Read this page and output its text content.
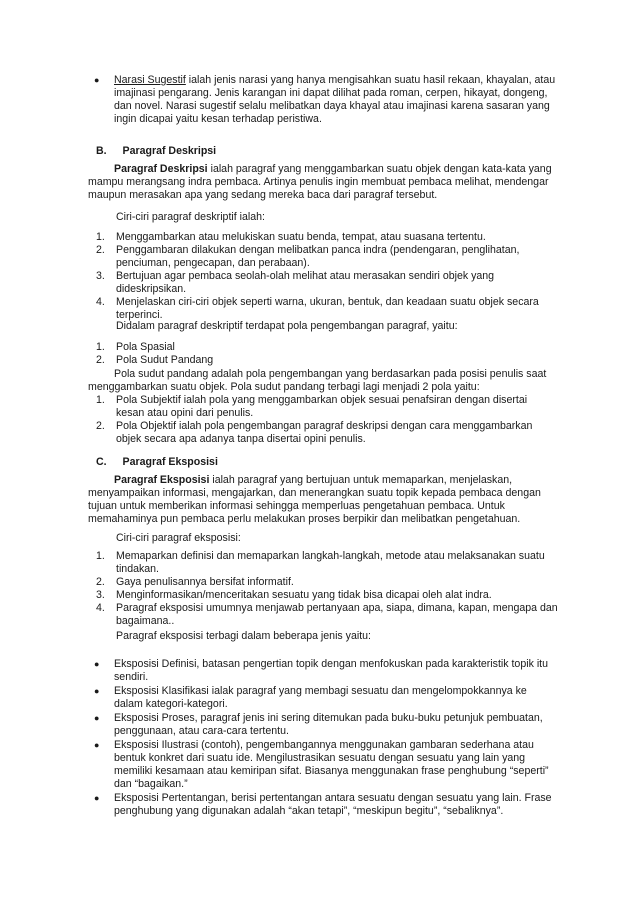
●	Narasi Sugestif ialah jenis narasi yang hanya mengisahkan suatu hasil rekaan, khayalan, atau imajinasi pengarang. Jenis karangan ini dapat dilihat pada roman, cerpen, hikayat, dongeng, dan novel. Narasi sugestif selalu melibatkan daya khayal atau imajinasi karena sasaran yang ingin dicapai yaitu kesan terhadap peristiwa.
B. Paragraf Deskripsi

Paragraf Deskripsi ialah paragraf yang menggambarkan suatu objek dengan kata-kata yang mampu merangsang indra pembaca. Artinya penulis ingin membuat pembaca melihat, mendengar maupun merasakan apa yang sedang mereka baca dari paragraf tersebut.

Ciri-ciri paragraf deskriptif ialah:
1.	Menggambarkan atau melukiskan suatu benda, tempat, atau suasana tertentu.
2.	Penggambaran dilakukan dengan melibatkan panca indra (pendengaran, penglihatan, penciuman, pengecapan, dan perabaan).
3.	Bertujuan agar pembaca seolah-olah melihat atau merasakan sendiri objek yang dideskripsikan.
4.	Menjelaskan ciri-ciri objek seperti warna, ukuran, bentuk, dan keadaan suatu objek secara terperinci.
Didalam paragraf deskriptif terdapat pola pengembangan paragraf, yaitu:
1.	Pola Spasial
2.	Pola Sudut Pandang

Pola sudut pandang adalah pola pengembangan yang berdasarkan pada posisi penulis saat menggambarkan suatu objek. Pola sudut pandang terbagi lagi menjadi 2 pola yaitu:

1.	Pola Subjektif ialah pola yang menggambarkan objek sesuai penafsiran dengan disertai kesan atau opini dari penulis.
2.	Pola Objektif ialah pola pengembangan paragraf deskripsi dengan cara menggambarkan objek secara apa adanya tanpa disertai opini penulis.
C. Paragraf Eksposisi

Paragraf Eksposisi ialah paragraf yang bertujuan untuk memaparkan, menjelaskan, menyampaikan informasi, mengajarkan, dan menerangkan suatu topik kepada pembaca dengan tujuan untuk memberikan informasi sehingga memperluas pengetahuan pembaca. Untuk memahaminya pun pembaca perlu melakukan proses berpikir dan melibatkan pengetahuan.

Ciri-ciri paragraf eksposisi:
1.	Memaparkan definisi dan memaparkan langkah-langkah, metode atau melaksanakan suatu tindakan.
2.	Gaya penulisannya bersifat informatif.
3.	Menginformasikan/menceritakan sesuatu yang tidak bisa dicapai oleh alat indra.
4.	Paragraf eksposisi umumnya menjawab pertanyaan apa, siapa, dimana, kapan, mengapa dan bagaimana..
Paragraf eksposisi terbagi dalam beberapa jenis yaitu:
●	Eksposisi Definisi, batasan pengertian topik dengan menfokuskan pada karakteristik topik itu sendiri.
●	Eksposisi Klasifikasi ialak paragraf yang membagi sesuatu dan mengelompokkannya ke dalam kategori-kategori.
●	Eksposisi Proses, paragraf jenis ini sering ditemukan pada buku-buku petunjuk pembuatan, penggunaan, atau cara-cara tertentu.
●	Eksposisi Ilustrasi (contoh), pengembangannya menggunakan gambaran sederhana atau bentuk konkret dari suatu ide. Mengilustrasikan sesuatu dengan sesuatu yang lain yang memiliki kesamaan atau kemiripan sifat. Biasanya menggunakan frase penghubung “seperti” dan “bagaikan.”
●	Eksposisi Pertentangan, berisi pertentangan antara sesuatu dengan sesuatu yang lain. Frase penghubung yang digunakan adalah “akan tetapi”, “meskipun begitu”, “sebaliknya”.
